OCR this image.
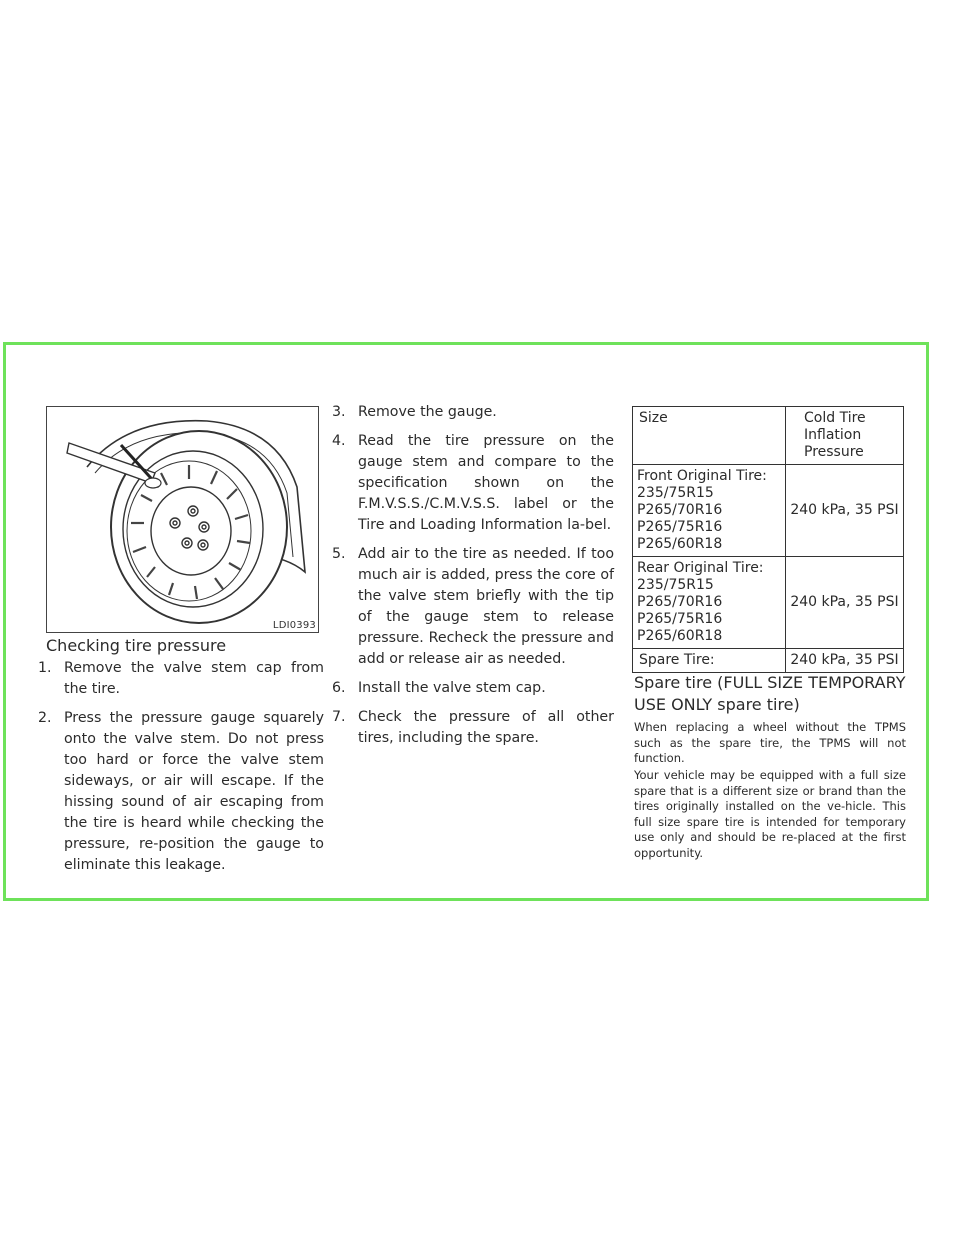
LDI0393
Checking tire pressure
1. Remove the valve stem cap from the tire.
2. Press the pressure gauge squarely onto the valve stem. Do not press too hard or force the valve stem sideways, or air will escape. If the hissing sound of air escaping from the tire is heard while checking the pressure, re-position the gauge to eliminate this leakage.
3. Remove the gauge.
4. Read the tire pressure on the gauge stem and compare to the specification shown on the F.M.V.S.S./C.M.V.S.S. label or the Tire and Loading Information la-bel.
5. Add air to the tire as needed. If too much air is added, press the core of the valve stem briefly with the tip of the gauge stem to release pressure. Recheck the pressure and add or release air as needed.
6. Install the valve stem cap.
7. Check the pressure of all other tires, including the spare.
Size	Cold Tire
Inflation
Pressure

Front Original Tire:
235/75R15
P265/70R16
P265/75R16
P265/60R18	240 kPa, 35 PSI

Rear Original Tire:
235/75R15
P265/70R16
P265/75R16
P265/60R18	240 kPa, 35 PSI
Spare Tire:	240 kPa, 35 PSI
Spare tire (FULL SIZE TEMPORARY
USE ONLY spare tire)

When replacing a wheel without the TPMS such as the spare tire, the TPMS will not function.

Your vehicle may be equipped with a full size spare that is a different size or brand than the tires originally installed on the ve-hicle. This full size spare tire is intended for temporary use only and should be re-placed at the first opportunity.
